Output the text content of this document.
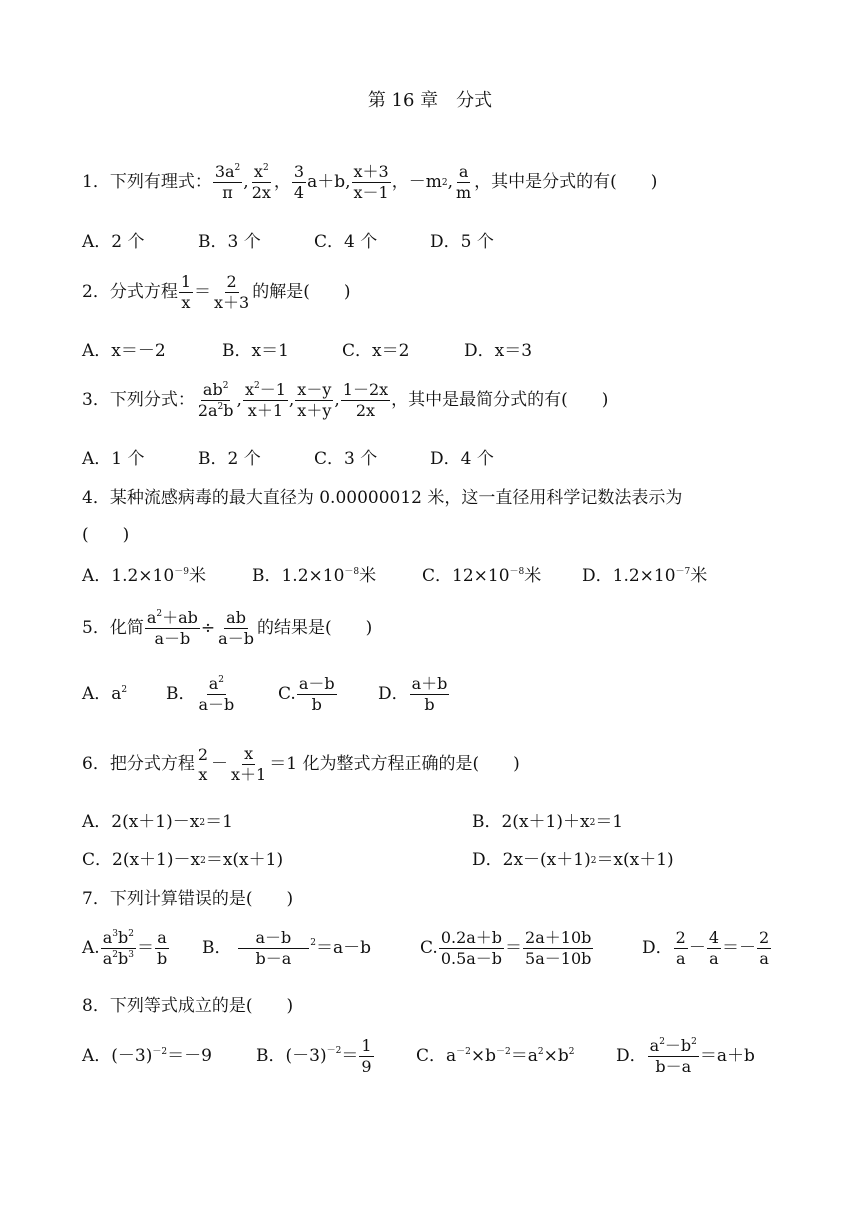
第 16 章　分式
1．下列有理式： $\frac{3a^2}{\pi}$ , $\frac{x^2}{2x}$ ， $\frac{3}{4} a+b$ , $\frac{x+3}{x-1}$ ， －m 2 , $\frac{a}{m}$ ，其中是分式的有(　　)
A．2 个	B．3 个	C．4 个	D．5 个
2．分式方程 $\frac{1}{x} = \frac{2}{x+3}$ 的解是(　　)
A．x＝－2	B．x＝1	C．x＝2	D．x＝3
3．下列分式： $\frac{ab^2}{2a^2b}$ , $\frac{x^2-1}{x+1}$ , $\frac{x-y}{x+y}$ , $\frac{1-2x}{2x}$ ，其中是最简分式的有(　　)
A．1 个	B．2 个	C．3 个	D．4 个
4．某种流感病毒的最大直径为 0.00000012 米，这一直径用科学记数法表示为
(　　)
A．$1.2\times 10^{-9}$米	B．$1.2\times 10^{-8}$米	C．$12\times 10^{-8}$米	D．$1.2\times 10^{-7}$米
5．化简 $\frac{a^2+ab}{a-b} \div \frac{ab}{a-b}$ 的结果是(　　)
A．$a^2$	B． $\frac{a^2}{a-b} C$. $\frac{a-b}{b}$ D． $\frac{a+b}{b}$
6．把分式方程 2
$x - \frac{x}{x+1} =1$ 化为整式方程正确的是(　　)
A．2(x＋1)－x 2 ＝1	B．2(x＋1)＋x 2 ＝1
C．2(x＋1)－x 2 ＝x(x＋1)	D．2x－(x＋1) 2 ＝x(x＋1)
7．下列计算错误的是(　　)
A. $\frac{a^3b^2}{a^2b^3} = \frac{a}{b}$ B． $\frac{a-b}{b-a}^2 =a-b$	C. $\frac{0.2a+b}{0.5a-b} = \frac{2a+10b}{5a-10b}$	D． $\frac{2}{a} - \frac{4}{a} =- \frac{2}{a}$
8．下列等式成立的是(　　)
A．$(-3)^{-2}=-9$	B．$(-3)^{-2} = \frac{1}{9}$	C．$a^{-2}\times b^{-2}=a^2\times b^2$	D． $\frac{a^2-b^2}{b-a} =a+b$
